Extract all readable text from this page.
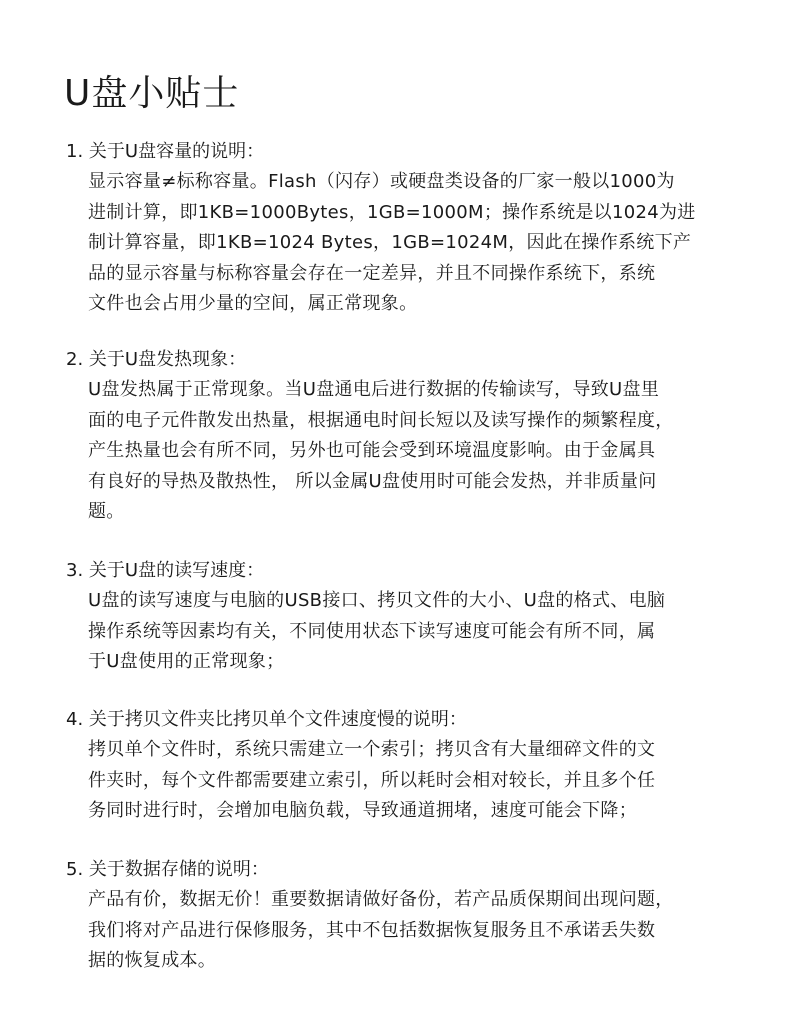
U盘小贴士

1. 关于U盘容量的说明：

显示容量≠标称容量。Flash（闪存）或硬盘类设备的厂家一般以1000为
进制计算，即1KB=1000Bytes，1GB=1000M；操作系统是以1024为进
制计算容量，即1KB=1024 Bytes，1GB=1024M，因此在操作系统下产
品的显示容量与标称容量会存在一定差异，并且不同操作系统下，系统
文件也会占用少量的空间，属正常现象。

2. 关于U盘发热现象：

U盘发热属于正常现象。当U盘通电后进行数据的传输读写，导致U盘里
面的电子元件散发出热量，根据通电时间长短以及读写操作的频繁程度，
产生热量也会有所不同，另外也可能会受到环境温度影响。由于金属具
有良好的导热及散热性， 所以金属U盘使用时可能会发热，并非质量问
题。

3. 关于U盘的读写速度：

U盘的读写速度与电脑的USB接口、拷贝文件的大小、U盘的格式、电脑
操作系统等因素均有关，不同使用状态下读写速度可能会有所不同，属
于U盘使用的正常现象；

4. 关于拷贝文件夹比拷贝单个文件速度慢的说明：

拷贝单个文件时，系统只需建立一个索引；拷贝含有大量细碎文件的文
件夹时，每个文件都需要建立索引，所以耗时会相对较长，并且多个任
务同时进行时，会增加电脑负载，导致通道拥堵，速度可能会下降；

5. 关于数据存储的说明：

产品有价，数据无价！重要数据请做好备份，若产品质保期间出现问题，
我们将对产品进行保修服务，其中不包括数据恢复服务且不承诺丢失数
据的恢复成本。
